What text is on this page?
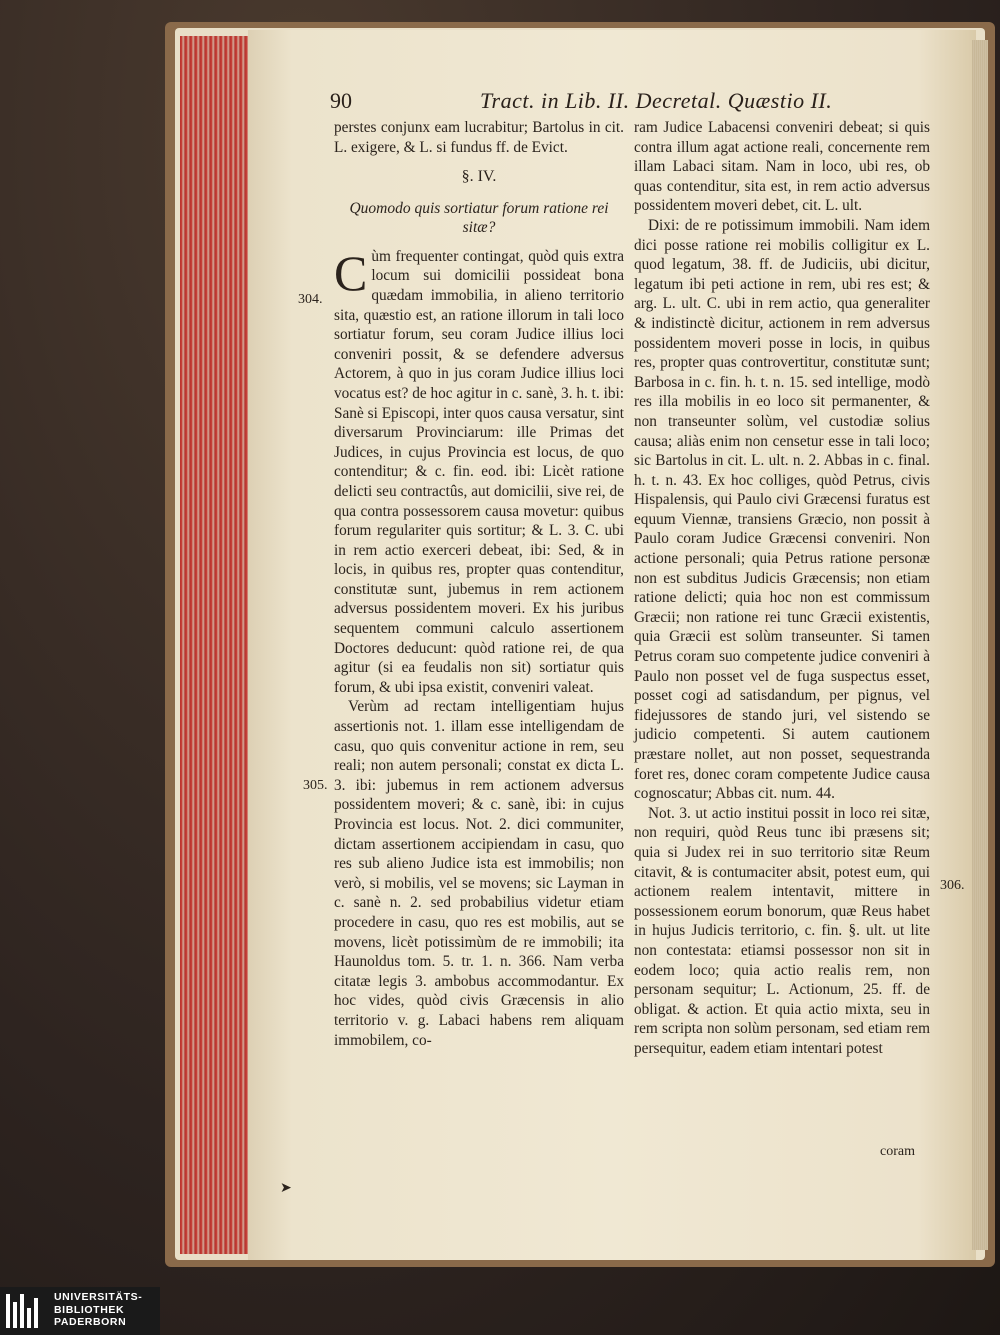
90	Tract. in Lib. II. Decretal. Quæstio II.

perstes conjunx eam lucrabitur; Bartolus in cit. L. exigere, & L. si fundus ff. de Evict.

§. IV.

Quomodo quis sortiatur forum ratione rei sitæ?

Cùm frequenter contingat, quòd quis extra locum sui domicilii possideat bona quædam immobilia, in alieno territorio sita, quæstio est, an ratione illorum in tali loco sortiatur forum, seu coram Judice illius loci conveniri possit, & se defendere adversus Actorem, à quo in jus coram Judice illius loci vocatus est? de hoc agitur in c. sanè, 3. h. t. ibi: Sanè si Episcopi, inter quos causa versatur, sint diversarum Provinciarum: ille Primas det Judices, in cujus Provincia est locus, de quo contenditur; & c. fin. eod. ibi: Licèt ratione delicti seu contractûs, aut domicilii, sive rei, de qua contra possessorem causa movetur: quibus forum regulariter quis sortitur; & L. 3. C. ubi in rem actio exerceri debeat, ibi: Sed, & in locis, in quibus res, propter quas contenditur, constitutæ sunt, jubemus in rem actionem adversus possidentem moveri. Ex his juribus sequentem communi calculo assertionem Doctores deducunt: quòd ratione rei, de qua agitur (si ea feudalis non sit) sortiatur quis forum, & ubi ipsa existit, conveniri valeat.

Verùm ad rectam intelligentiam hujus assertionis not. 1. illam esse intelligendam de casu, quo quis convenitur actione in rem, seu reali; non autem personali; constat ex dicta L. 3. ibi: jubemus in rem actionem adversus possidentem moveri; & c. sanè, ibi: in cujus Provincia est locus. Not. 2. dici communiter, dictam assertionem accipiendam in casu, quo res sub alieno Judice ista est immobilis; non verò, si mobilis, vel se movens; sic Layman in c. sanè n. 2. sed probabilius videtur etiam procedere in casu, quo res est mobilis, aut se movens, licèt potissimùm de re immobili; ita Haunoldus tom. 5. tr. 1. n. 366. Nam verba citatæ legis 3. ambobus accommodantur. Ex hoc vides, quòd civis Græcensis in alio territorio v. g. Labaci habens rem aliquam immobilem, co-

ram Judice Labacensi conveniri debeat; si quis contra illum agat actione reali, concernente rem illam Labaci sitam. Nam in loco, ubi res, ob quas contenditur, sita est, in rem actio adversus possidentem moveri debet, cit. L. ult.

Dixi: de re potissimum immobili. Nam idem dici posse ratione rei mobilis colligitur ex L. quod legatum, 38. ff. de Judiciis, ubi dicitur, legatum ibi peti actione in rem, ubi res est; & arg. L. ult. C. ubi in rem actio, qua generaliter & indistinctè dicitur, actionem in rem adversus possidentem moveri posse in locis, in quibus res, propter quas controvertitur, constitutæ sunt; Barbosa in c. fin. h. t. n. 15. sed intellige, modò res illa mobilis in eo loco sit permanenter, & non transeunter solùm, vel custodiæ solius causa; aliàs enim non censetur esse in tali loco; sic Bartolus in cit. L. ult. n. 2. Abbas in c. final. h. t. n. 43. Ex hoc colliges, quòd Petrus, civis Hispalensis, qui Paulo civi Græcensi furatus est equum Viennæ, transiens Græcio, non possit à Paulo coram Judice Græcensi conveniri. Non actione personali; quia Petrus ratione personæ non est subditus Judicis Græcensis; non etiam ratione delicti; quia hoc non est commissum Græcii; non ratione rei tunc Græcii existentis, quia Græcii est solùm transeunter. Si tamen Petrus coram suo competente judice conveniri à Paulo non posset vel de fuga suspectus esset, posset cogi ad satisdandum, per pignus, vel fidejussores de stando juri, vel sistendo se judicio competenti. Si autem cautionem præstare nollet, aut non posset, sequestranda foret res, donec coram competente Judice causa cognoscatur; Abbas cit. num. 44.

Not. 3. ut actio institui possit in loco rei sitæ, non requiri, quòd Reus tunc ibi præsens sit; quia si Judex rei in suo territorio sitæ Reum citavit, & is contumaciter absit, potest eum, qui actionem realem intentavit, mittere in possessionem eorum bonorum, quæ Reus habet in hujus Judicis territorio, c. fin. §. ult. ut lite non contestata: etiamsi possessor non sit in eodem loco; quia actio realis rem, non personam sequitur; L. Actionum, 25. ff. de obligat. & action. Et quia actio mixta, seu in rem scripta non solùm personam, sed etiam rem persequitur, eadem etiam intentari potest

304.
305.
306.
coram
➤
UNIVERSITÄTS-
BIBLIOTHEK
PADERBORN
